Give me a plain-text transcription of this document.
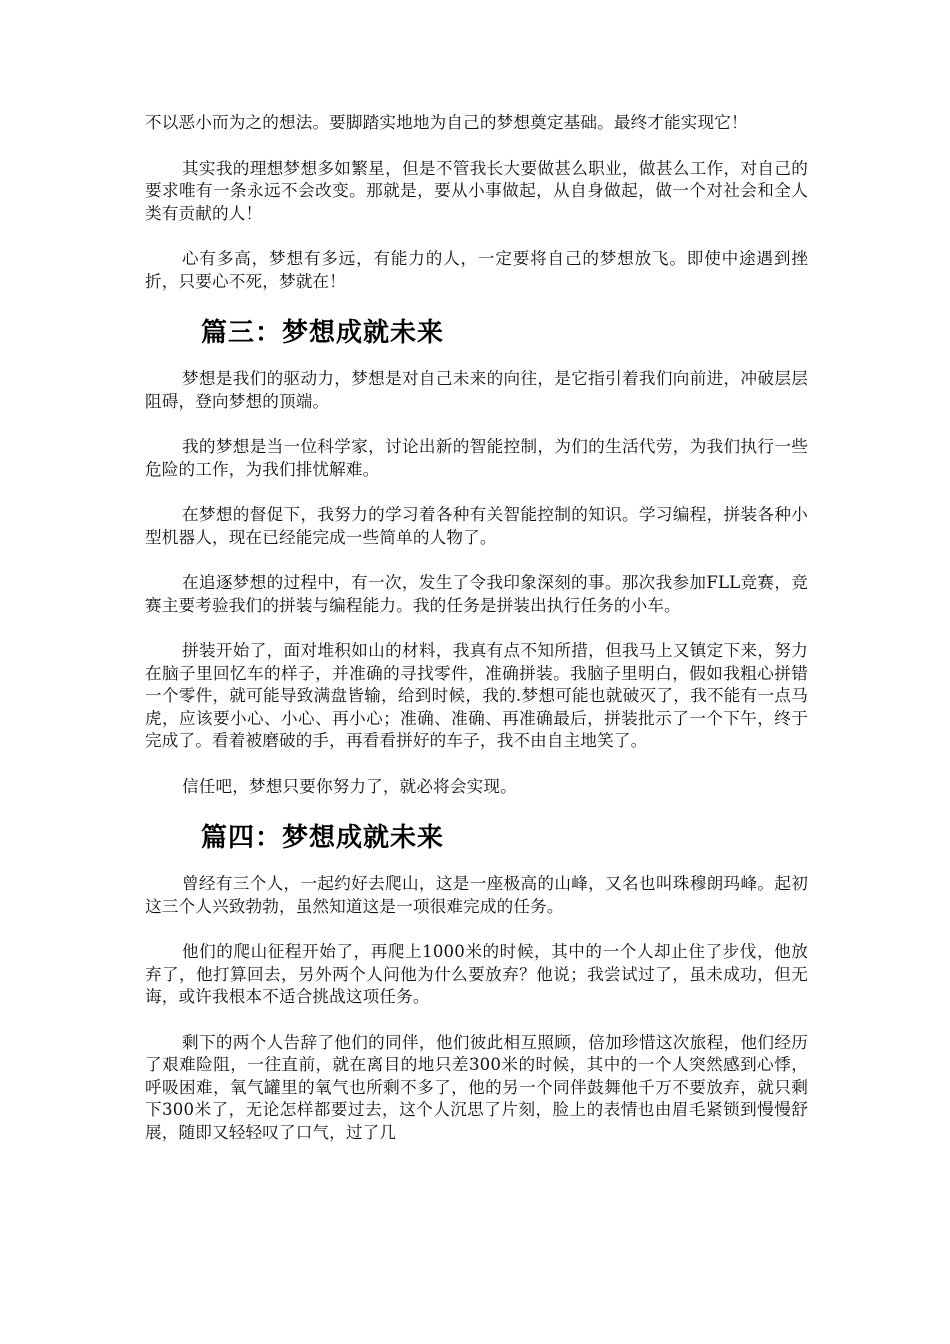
不以恶小而为之的想法。要脚踏实地地为自己的梦想奠定基础。最终才能实现它！

其实我的理想梦想多如繁星，但是不管我长大要做甚么职业，做甚么工作，对自己的要求唯有一条永远不会改变。那就是，要从小事做起，从自身做起，做一个对社会和全人类有贡献的人！

心有多高，梦想有多远，有能力的人，一定要将自己的梦想放飞。即使中途遇到挫折，只要心不死，梦就在！

篇三：梦想成就未来

梦想是我们的驱动力，梦想是对自己未来的向往，是它指引着我们向前进，冲破层层阻碍，登向梦想的顶端。

我的梦想是当一位科学家，讨论出新的智能控制，为们的生活代劳，为我们执行一些危险的工作，为我们排忧解难。

在梦想的督促下，我努力的学习着各种有关智能控制的知识。学习编程，拼装各种小型机器人，现在已经能完成一些简单的人物了。

在追逐梦想的过程中，有一次，发生了令我印象深刻的事。那次我参加FLL竞赛，竞赛主要考验我们的拼装与编程能力。我的任务是拼装出执行任务的小车。

拼装开始了，面对堆积如山的材料，我真有点不知所措，但我马上又镇定下来，努力在脑子里回忆车的样子，并准确的寻找零件，准确拼装。我脑子里明白，假如我粗心拼错一个零件，就可能导致满盘皆输，给到时候，我的.梦想可能也就破灭了，我不能有一点马虎，应该要小心、小心、再小心；准确、准确、再准确最后，拼装批示了一个下午，终于完成了。看着被磨破的手，再看看拼好的车子，我不由自主地笑了。

信任吧，梦想只要你努力了，就必将会实现。

篇四：梦想成就未来

曾经有三个人，一起约好去爬山，这是一座极高的山峰，又名也叫珠穆朗玛峰。起初这三个人兴致勃勃，虽然知道这是一项很难完成的任务。

他们的爬山征程开始了，再爬上1000米的时候，其中的一个人却止住了步伐，他放弃了，他打算回去，另外两个人问他为什么要放弃？他说；我尝试过了，虽未成功，但无诲，或许我根本不适合挑战这项任务。

剩下的两个人告辞了他们的同伴，他们彼此相互照顾，倍加珍惜这次旅程，他们经历了艰难险阻，一往直前，就在离目的地只差300米的时候，其中的一个人突然感到心悸，呼吸困难，氧气罐里的氧气也所剩不多了，他的另一个同伴鼓舞他千万不要放弃，就只剩下300米了，无论怎样都要过去，这个人沉思了片刻，脸上的表情也由眉毛紧锁到慢慢舒展，随即又轻轻叹了口气，过了几
